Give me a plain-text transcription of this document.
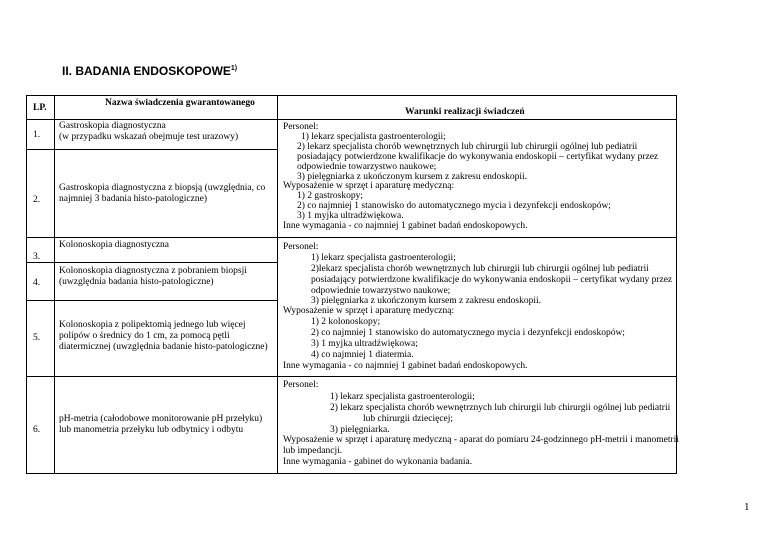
II. BADANIA ENDOSKOPOWE$^{1)}$
LP.	Nazwa świadczenia gwarantowanego
Warunki realizacji świadczeń
1.
2.
3.
4.
5.
6.
Gastroskopia diagnostyczna
(w przypadku wskazań obejmuje test urazowy)
Gastroskopia diagnostyczna z biopsją (uwzględnia, co
najmniej 3 badania histo-patologiczne)
Kolonoskopia diagnostyczna
Kolonoskopia diagnostyczna z pobraniem biopsji
(uwzględnia badania histo-patologiczne)
Kolonoskopia z polipektomią jednego lub więcej
polipów o średnicy do 1 cm, za pomocą pętli
diatermicznej (uwzględnia badanie histo-patologiczne)
pH-metria (całodobowe monitorowanie pH przełyku)
lub manometria przełyku lub odbytnicy i odbytu
Personel:
1) lekarz specjalista gastroenterologii;
2) lekarz specjalista chorób wewnętrznych lub chirurgii lub chirurgii ogólnej lub pediatrii
posiadający potwierdzone kwalifikacje do wykonywania endoskopii – certyfikat wydany przez
odpowiednie towarzystwo naukowe;
3) pielęgniarka z ukończonym kursem z zakresu endoskopii.
Wyposażenie w sprzęt i aparaturę medyczną:
1) 2 gastroskopy;
2) co najmniej 1 stanowisko do automatycznego mycia i dezynfekcji endoskopów;
3) 1 myjka ultradźwiękowa.
Inne wymagania - co najmniej 1 gabinet badań endoskopowych.
Personel:
1) lekarz specjalista gastroenterologii;
2)lekarz specjalista chorób wewnętrznych lub chirurgii lub chirurgii ogólnej lub pediatrii
posiadający potwierdzone kwalifikacje do wykonywania endoskopii – certyfikat wydany przez
odpowiednie towarzystwo naukowe;
3) pielęgniarka z ukończonym kursem z zakresu endoskopii.
Wyposażenie w sprzęt i aparaturę medyczną:
1) 2 kolonoskopy;
2) co najmniej 1 stanowisko do automatycznego mycia i dezynfekcji endoskopów;
3) 1 myjka ultradźwiękowa;
4) co najmniej 1 diatermia.
Inne wymagania - co najmniej 1 gabinet badań endoskopowych.
Personel:
1) lekarz specjalista gastroenterologii;
2) lekarz specjalista chorób wewnętrznych lub chirurgii lub chirurgii ogólnej lub pediatrii
lub chirurgii dziecięcej;
3) pielęgniarka.
Wyposażenie w sprzęt i aparaturę medyczną - aparat do pomiaru 24-godzinnego pH-metrii i manometrii
lub impedancji.
Inne wymagania - gabinet do wykonania badania.
1
